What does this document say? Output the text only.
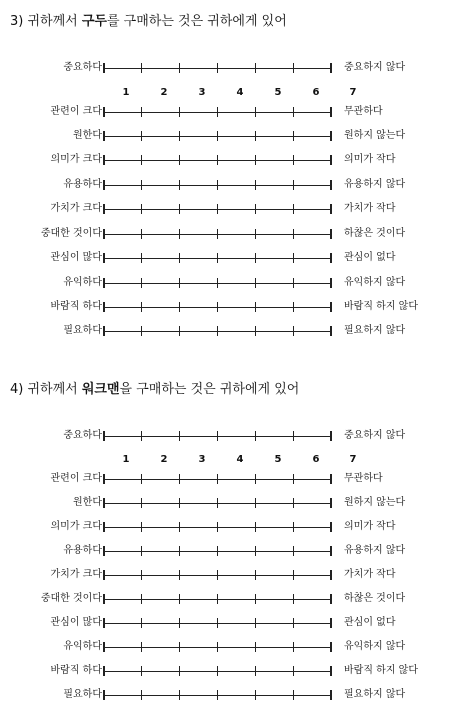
3) 귀하께서 구두를 구매하는 것은 귀하에게 있어
중요하다	중요하지 않다
1	2	3	4	5	6	7
관련이 크다	무관하다
원한다	원하지 않는다
의미가 크다	의미가 작다
유용하다	유용하지 않다
가치가 크다	가치가 작다
중대한 것이다	하찮은 것이다
관심이 많다	관심이 없다
유익하다	유익하지 않다
바람직 하다	바람직 하지 않다
필요하다	필요하지 않다
4) 귀하께서 워크맨을 구매하는 것은 귀하에게 있어
중요하다	중요하지 않다
1	2	3	4	5	6	7
관련이 크다	무관하다
원한다	원하지 않는다
의미가 크다	의미가 작다
유용하다	유용하지 않다
가치가 크다	가치가 작다
중대한 것이다	하찮은 것이다
관심이 많다	관심이 없다
유익하다	유익하지 않다
바람직 하다	바람직 하지 않다
필요하다	필요하지 않다
